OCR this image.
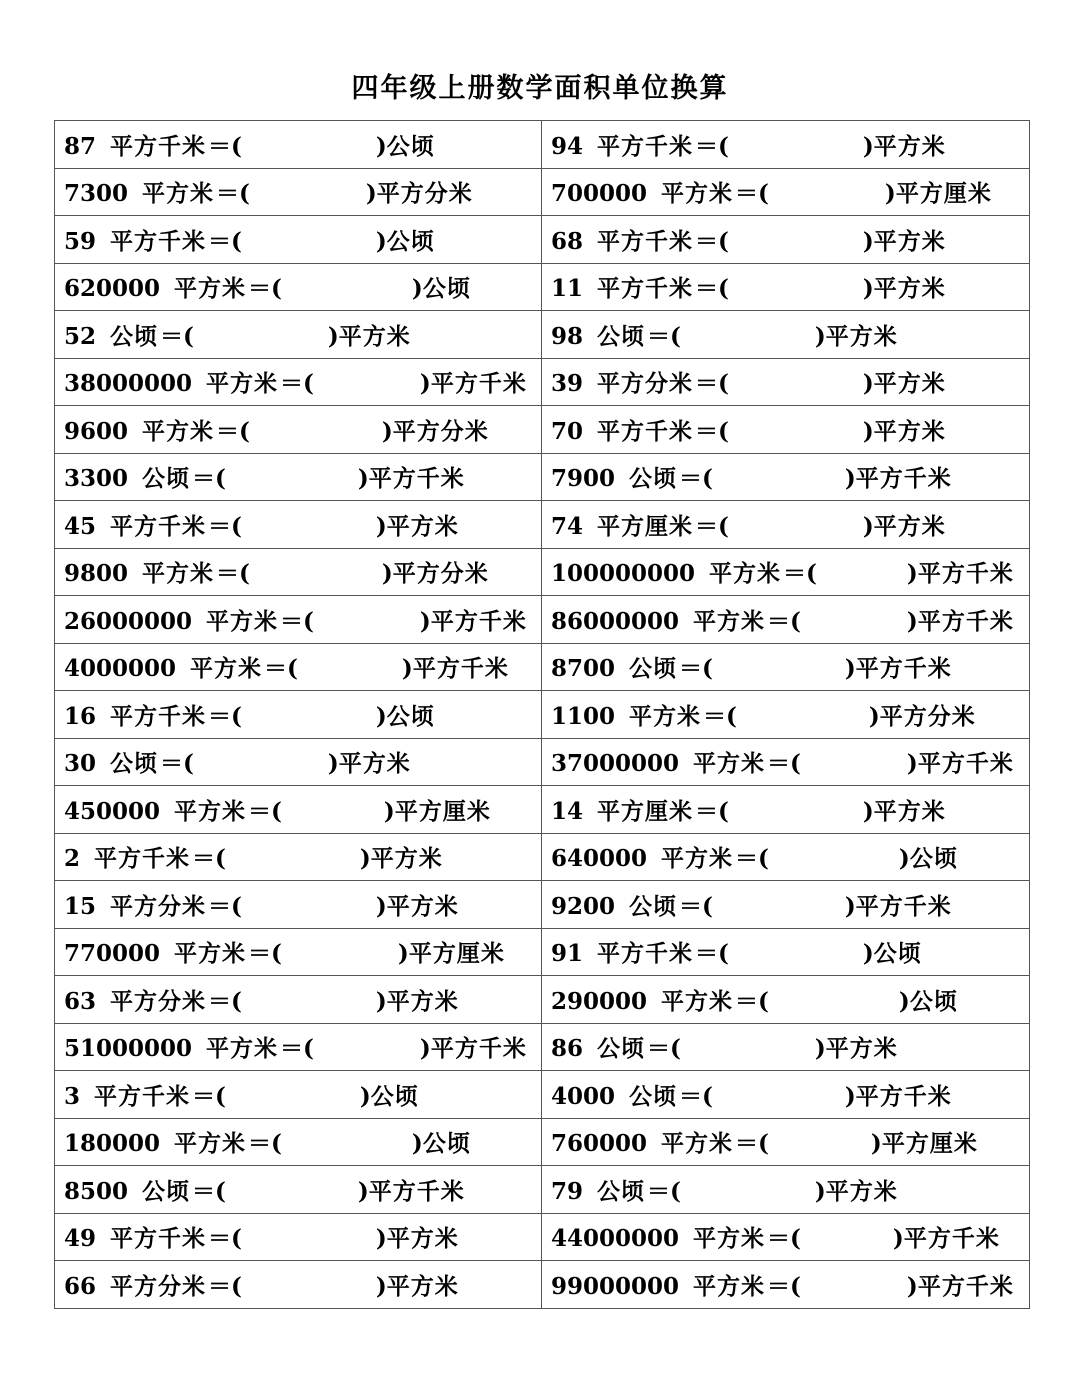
四年级上册数学面积单位换算
87 平方千米＝( )公顷	94 平方千米＝( )平方米
7300 平方米＝( )平方分米	700000 平方米＝( )平方厘米
59 平方千米＝( )公顷	68 平方千米＝( )平方米
620000 平方米＝( )公顷	11 平方千米＝( )平方米
52 公顷＝( )平方米	98 公顷＝( )平方米
38000000 平方米＝( )平方千米	39 平方分米＝( )平方米
9600 平方米＝( )平方分米	70 平方千米＝( )平方米
3300 公顷＝( )平方千米	7900 公顷＝( )平方千米
45 平方千米＝( )平方米	74 平方厘米＝( )平方米
9800 平方米＝( )平方分米	100000000 平方米＝( )平方千米
26000000 平方米＝( )平方千米	86000000 平方米＝( )平方千米
4000000 平方米＝( )平方千米	8700 公顷＝( )平方千米
16 平方千米＝( )公顷	1100 平方米＝( )平方分米
30 公顷＝( )平方米	37000000 平方米＝( )平方千米
450000 平方米＝( )平方厘米	14 平方厘米＝( )平方米
2 平方千米＝( )平方米	640000 平方米＝( )公顷
15 平方分米＝( )平方米	9200 公顷＝( )平方千米
770000 平方米＝( )平方厘米	91 平方千米＝( )公顷
63 平方分米＝( )平方米	290000 平方米＝( )公顷
51000000 平方米＝( )平方千米	86 公顷＝( )平方米
3 平方千米＝( )公顷	4000 公顷＝( )平方千米
180000 平方米＝( )公顷	760000 平方米＝( )平方厘米
8500 公顷＝( )平方千米	79 公顷＝( )平方米
49 平方千米＝( )平方米	44000000 平方米＝( )平方千米
66 平方分米＝( )平方米	99000000 平方米＝( )平方千米
